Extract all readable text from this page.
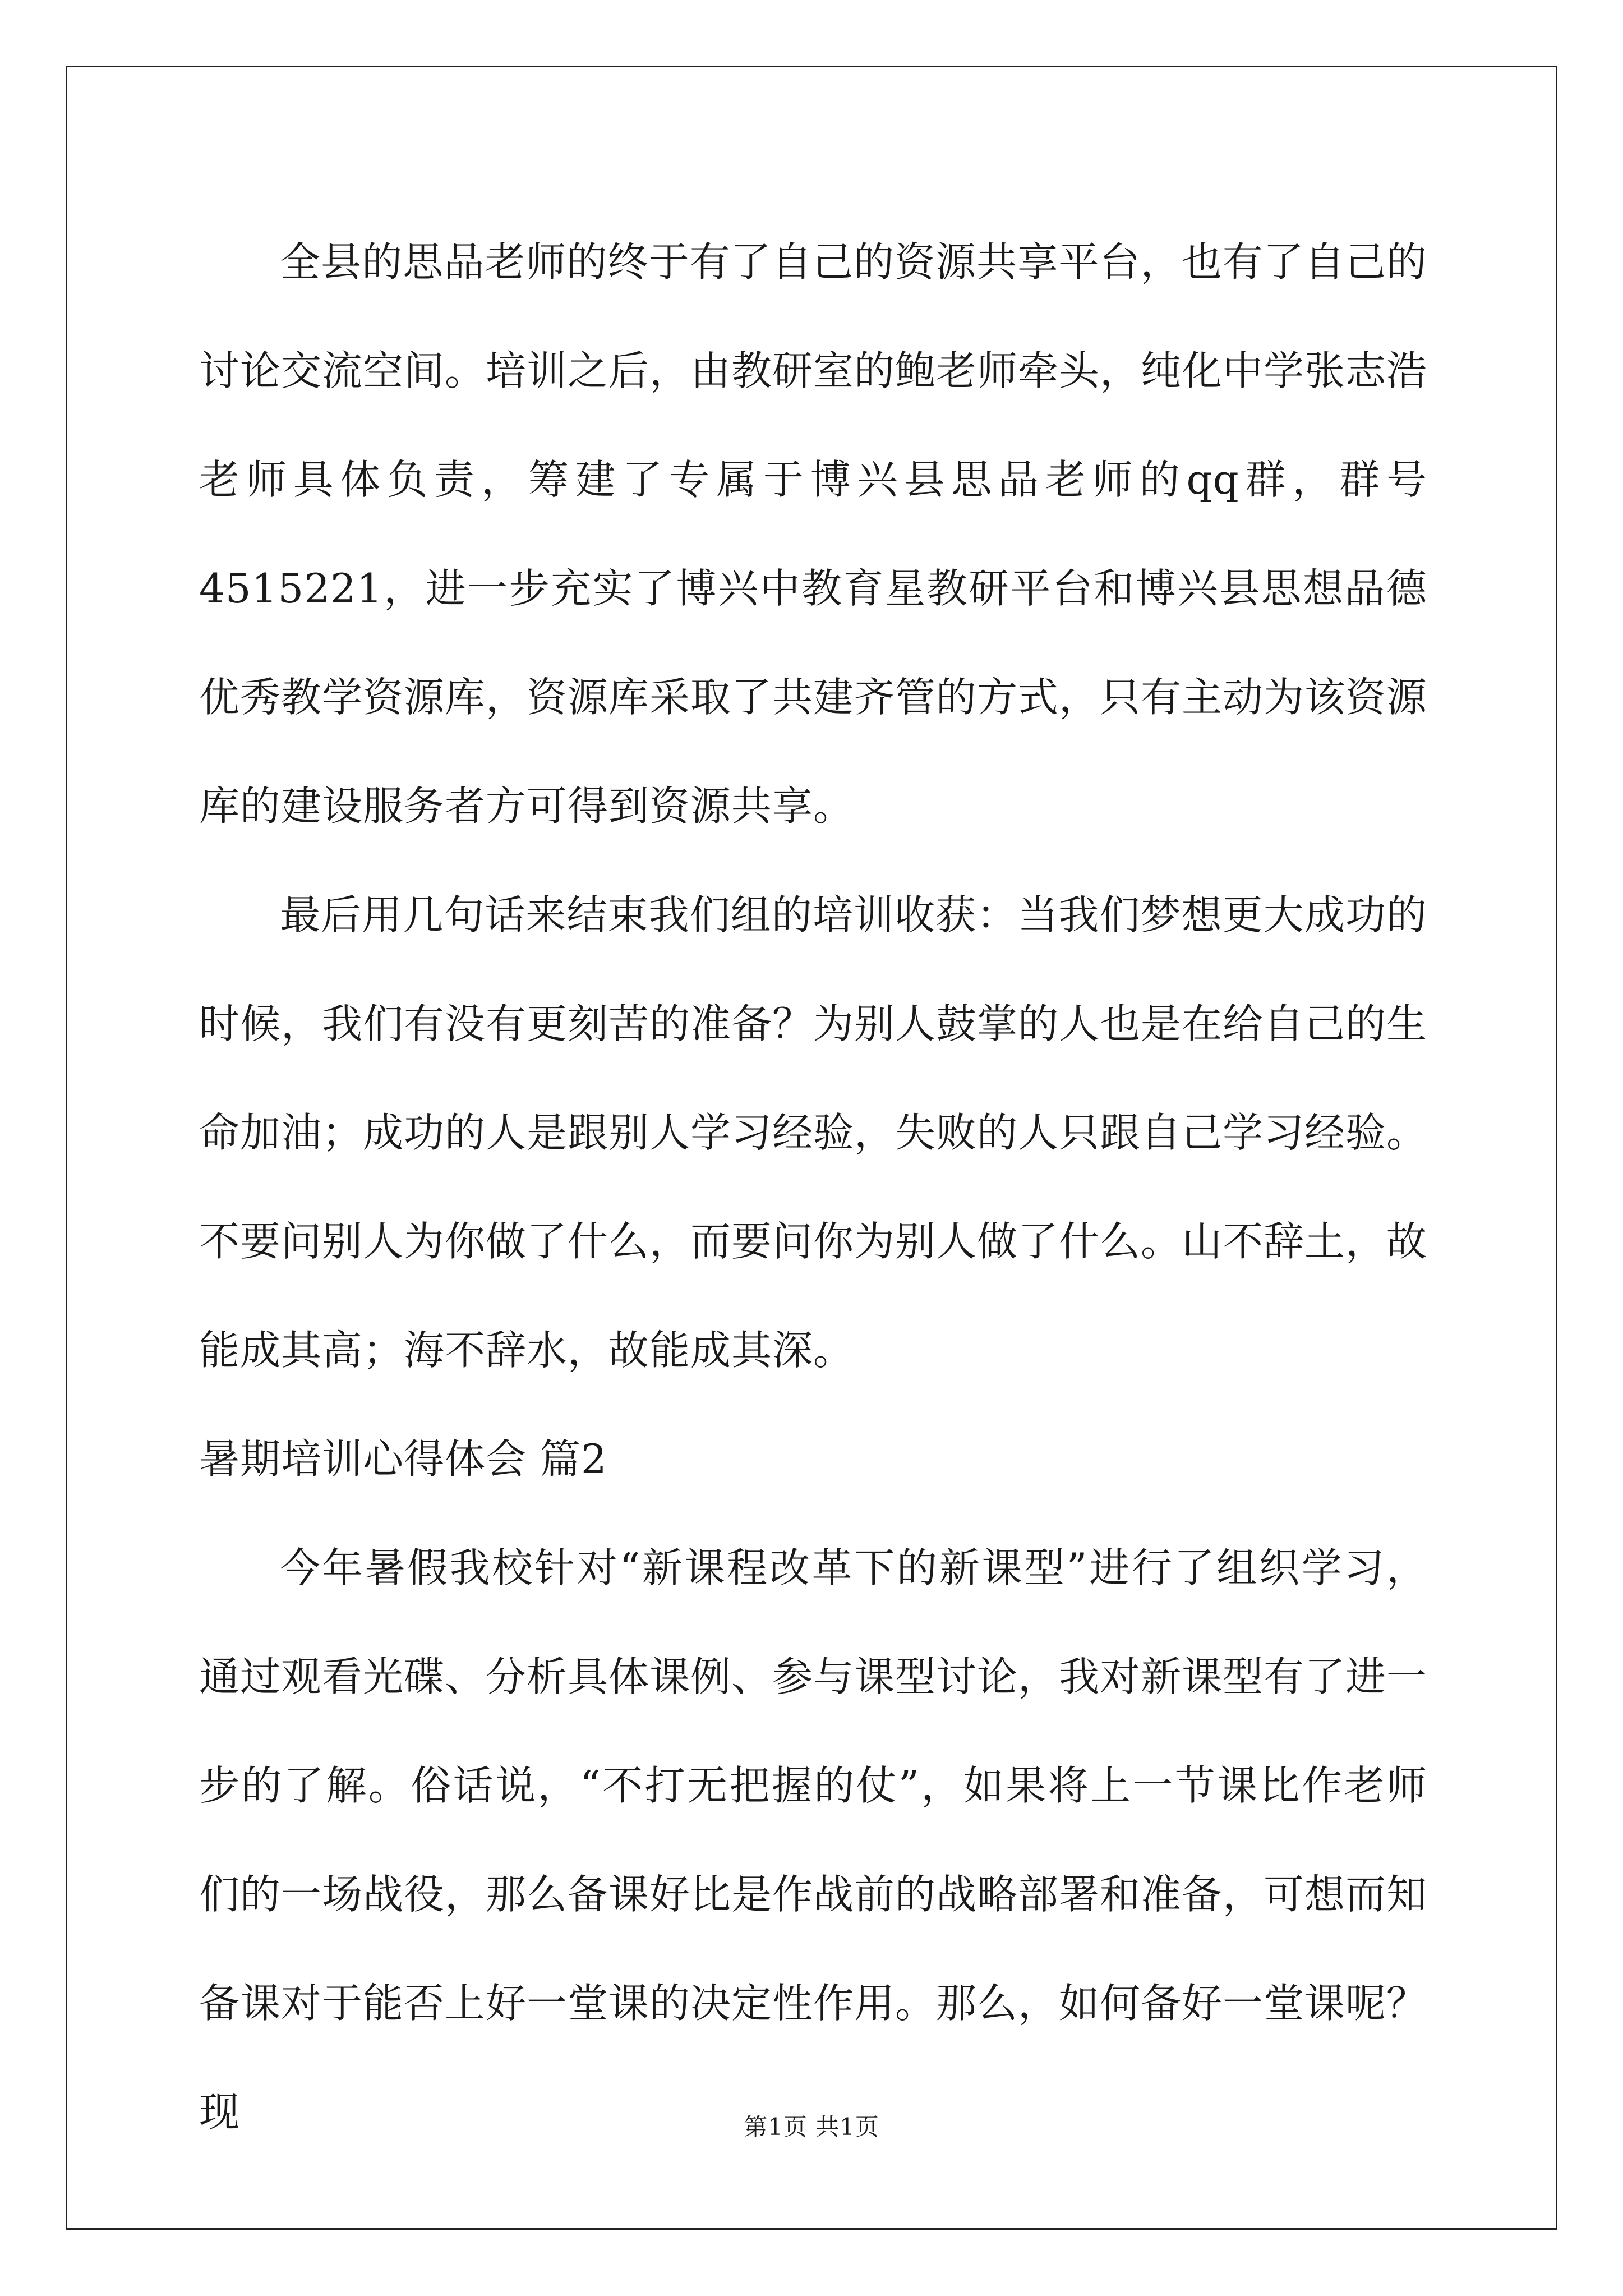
全县的思品老师的终于有了自己的资源共享平台，也有了自己的讨论交流空间。培训之后，由教研室的鲍老师牵头，纯化中学张志浩老师具体负责，筹建了专属于博兴县思品老师的qq群，群号4515221，进一步充实了博兴中教育星教研平台和博兴县思想品德优秀教学资源库，资源库采取了共建齐管的方式，只有主动为该资源库的建设服务者方可得到资源共享。

最后用几句话来结束我们组的培训收获：当我们梦想更大成功的时候，我们有没有更刻苦的准备？为别人鼓掌的人也是在给自己的生命加油；成功的人是跟别人学习经验，失败的人只跟自己学习经验。不要问别人为你做了什么，而要问你为别人做了什么。山不辞土，故能成其高；海不辞水，故能成其深。

暑期培训心得体会 篇2

今年暑假我校针对“新课程改革下的新课型”进行了组织学习，通过观看光碟、分析具体课例、参与课型讨论，我对新课型有了进一步的了解。俗话说，“不打无把握的仗”，如果将上一节课比作老师们的一场战役，那么备课好比是作战前的战略部署和准备，可想而知备课对于能否上好一堂课的决定性作用。那么，如何备好一堂课呢？现	第1页 共1页
